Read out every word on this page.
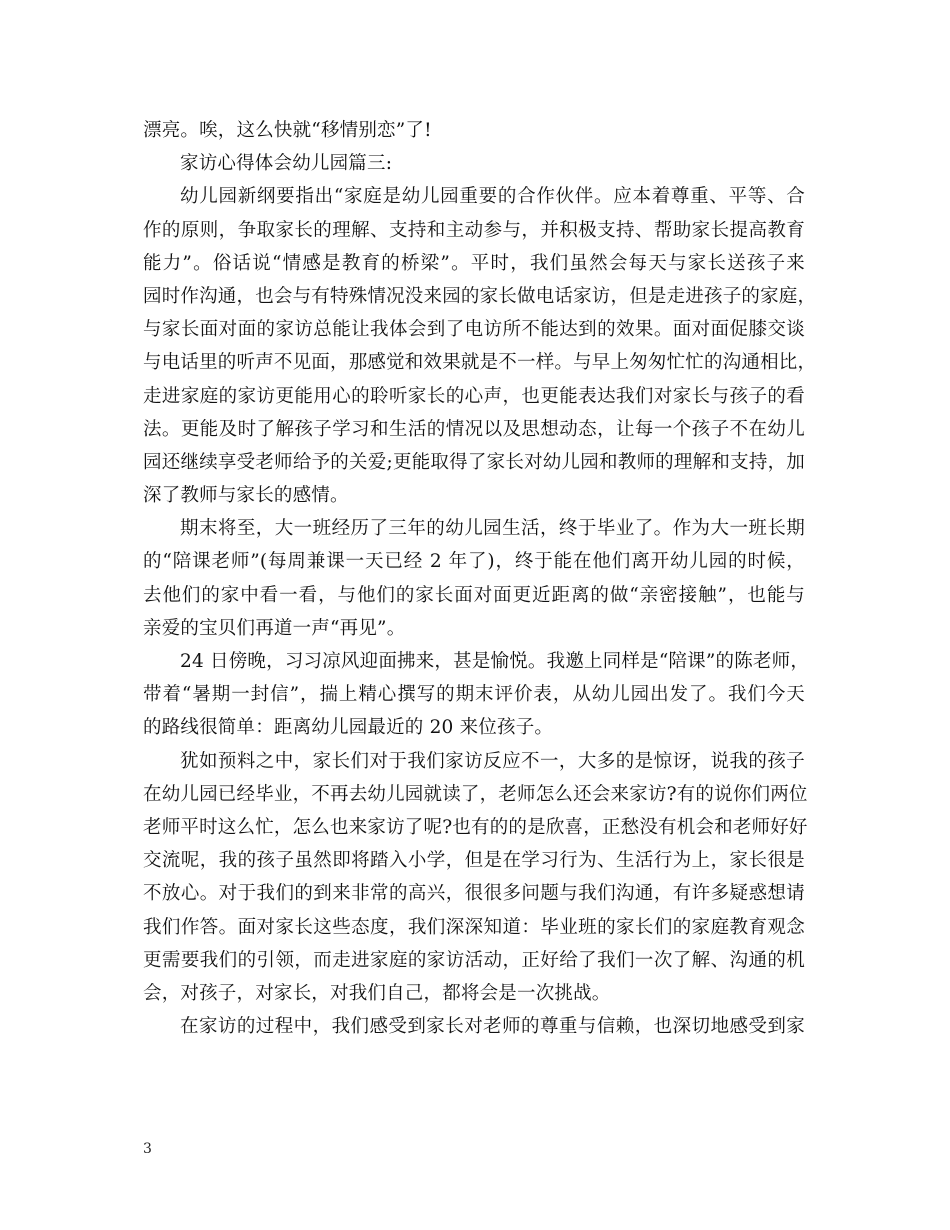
漂亮。唉，这么快就“移情别恋”了!
家访心得体会幼儿园篇三:
幼儿园新纲要指出“家庭是幼儿园重要的合作伙伴。应本着尊重、平等、合
作的原则，争取家长的理解、支持和主动参与，并积极支持、帮助家长提高教育
能力”。俗话说“情感是教育的桥梁”。平时，我们虽然会每天与家长送孩子来
园时作沟通，也会与有特殊情况没来园的家长做电话家访，但是走进孩子的家庭，
与家长面对面的家访总能让我体会到了电访所不能达到的效果。面对面促膝交谈
与电话里的听声不见面，那感觉和效果就是不一样。与早上匆匆忙忙的沟通相比，
走进家庭的家访更能用心的聆听家长的心声，也更能表达我们对家长与孩子的看
法。更能及时了解孩子学习和生活的情况以及思想动态，让每一个孩子不在幼儿
园还继续享受老师给予的关爱;更能取得了家长对幼儿园和教师的理解和支持，加
深了教师与家长的感情。
期末将至，大一班经历了三年的幼儿园生活，终于毕业了。作为大一班长期
的“陪课老师”(每周兼课一天已经 2 年了)，终于能在他们离开幼儿园的时候，
去他们的家中看一看，与他们的家长面对面更近距离的做“亲密接触”，也能与
亲爱的宝贝们再道一声“再见”。
24 日傍晚，习习凉风迎面拂来，甚是愉悦。我邀上同样是“陪课”的陈老师，
带着“暑期一封信”，揣上精心撰写的期末评价表，从幼儿园出发了。我们今天
的路线很简单：距离幼儿园最近的 20 来位孩子。
犹如预料之中，家长们对于我们家访反应不一，大多的是惊讶，说我的孩子
在幼儿园已经毕业，不再去幼儿园就读了，老师怎么还会来家访?有的说你们两位
老师平时这么忙，怎么也来家访了呢?也有的的是欣喜，正愁没有机会和老师好好
交流呢，我的孩子虽然即将踏入小学，但是在学习行为、生活行为上，家长很是
不放心。对于我们的到来非常的高兴，很很多问题与我们沟通，有许多疑惑想请
我们作答。面对家长这些态度，我们深深知道：毕业班的家长们的家庭教育观念
更需要我们的引领，而走进家庭的家访活动，正好给了我们一次了解、沟通的机
会，对孩子，对家长，对我们自己，都将会是一次挑战。
在家访的过程中，我们感受到家长对老师的尊重与信赖，也深切地感受到家
3
